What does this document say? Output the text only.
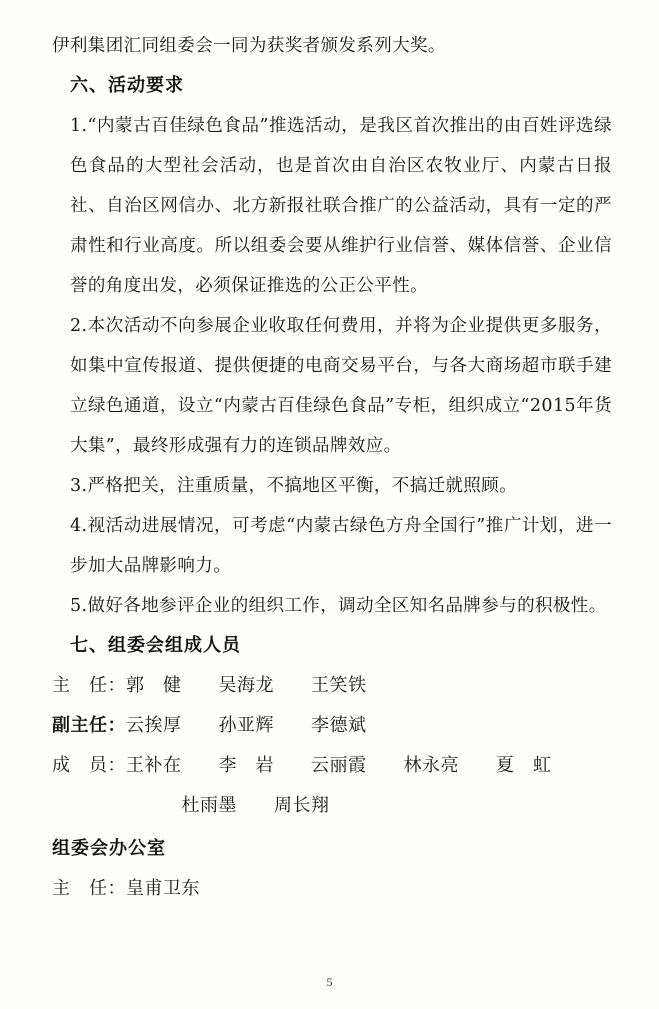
伊利集团汇同组委会一同为获奖者颁发系列大奖。

六、活动要求

1.“内蒙古百佳绿色食品”推选活动，是我区首次推出的由百姓评选绿色食品的大型社会活动，也是首次由自治区农牧业厅、内蒙古日报社、自治区网信办、北方新报社联合推广的公益活动，具有一定的严肃性和行业高度。所以组委会要从维护行业信誉、媒体信誉、企业信誉的角度出发，必须保证推选的公正公平性。

2.本次活动不向参展企业收取任何费用，并将为企业提供更多服务，如集中宣传报道、提供便捷的电商交易平台，与各大商场超市联手建立绿色通道，设立“内蒙古百佳绿色食品”专柜，组织成立“2015年货大集”，最终形成强有力的连锁品牌效应。

3.严格把关，注重质量，不搞地区平衡，不搞迁就照顾。

4.视活动进展情况，可考虑“内蒙古绿色方舟全国行”推广计划，进一步加大品牌影响力。

5.做好各地参评企业的组织工作，调动全区知名品牌参与的积极性。

七、组委会组成人员
主　任：郭　健　　吴海龙　　王笑铁
副主任：云挨厚　　孙亚辉　　李德斌
成　员：王补在　　李　岩　　云丽霞　　林永亮　　夏　虹
　　　　　　　杜雨墨　　周长翔
组委会办公室
主　任：皇甫卫东
5
